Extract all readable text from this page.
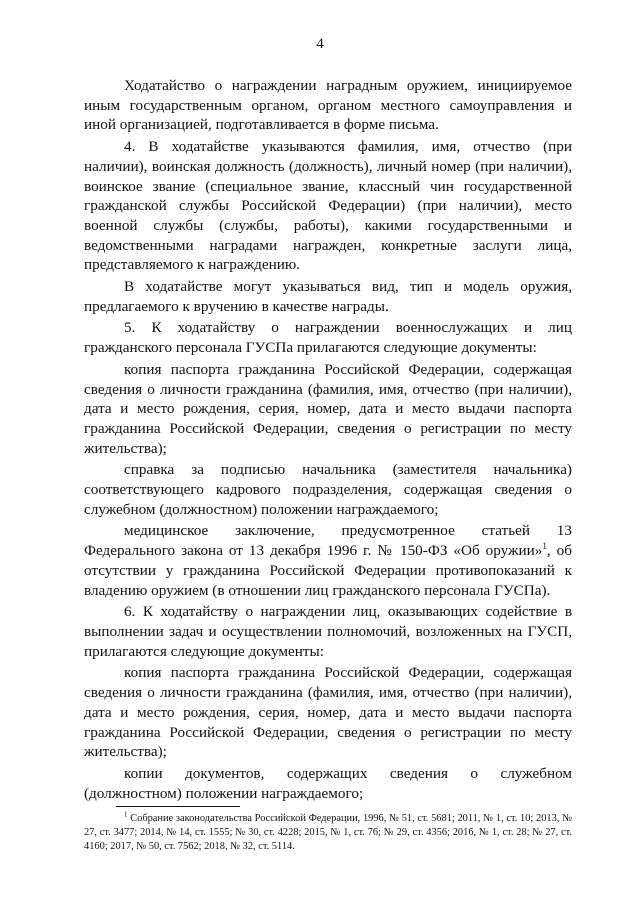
4

Ходатайство о награждении наградным оружием, инициируемое иным государственным органом, органом местного самоуправления и иной организацией, подготавливается в форме письма.

4. В ходатайстве указываются фамилия, имя, отчество (при наличии), воинская должность (должность), личный номер (при наличии), воинское звание (специальное звание, классный чин государственной гражданской службы Российской Федерации) (при наличии), место военной службы (службы, работы), какими государственными и ведомственными наградами награжден, конкретные заслуги лица, представляемого к награждению.

В ходатайстве могут указываться вид, тип и модель оружия, предлагаемого к вручению в качестве награды.

5. К ходатайству о награждении военнослужащих и лиц гражданского персонала ГУСПа прилагаются следующие документы:

копия паспорта гражданина Российской Федерации, содержащая сведения о личности гражданина (фамилия, имя, отчество (при наличии), дата и место рождения, серия, номер, дата и место выдачи паспорта гражданина Российской Федерации, сведения о регистрации по месту жительства);

справка за подписью начальника (заместителя начальника) соответствующего кадрового подразделения, содержащая сведения о служебном (должностном) положении награждаемого;

медицинское заключение, предусмотренное статьей 13 Федерального закона от 13 декабря 1996 г. № 150-ФЗ «Об оружии»$^1$, об отсутствии у гражданина Российской Федерации противопоказаний к владению оружием (в отношении лиц гражданского персонала ГУСПа).

6. К ходатайству о награждении лиц, оказывающих содействие в выполнении задач и осуществлении полномочий, возложенных на ГУСП, прилагаются следующие документы:

копия паспорта гражданина Российской Федерации, содержащая сведения о личности гражданина (фамилия, имя, отчество (при наличии), дата и место рождения, серия, номер, дата и место выдачи паспорта гражданина Российской Федерации, сведения о регистрации по месту жительства);

копии документов, содержащих сведения о служебном (должностном) положении награждаемого;

$^1$ Собрание законодательства Российской Федерации, 1996, № 51, ст. 5681; 2011, № 1, ст. 10; 2013, № 27, ст. 3477; 2014, № 14, ст. 1555; № 30, ст. 4228; 2015, № 1, ст. 76; № 29, ст. 4356; 2016, № 1, ст. 28; № 27, ст. 4160; 2017, № 50, ст. 7562; 2018, № 32, ст. 5114.
